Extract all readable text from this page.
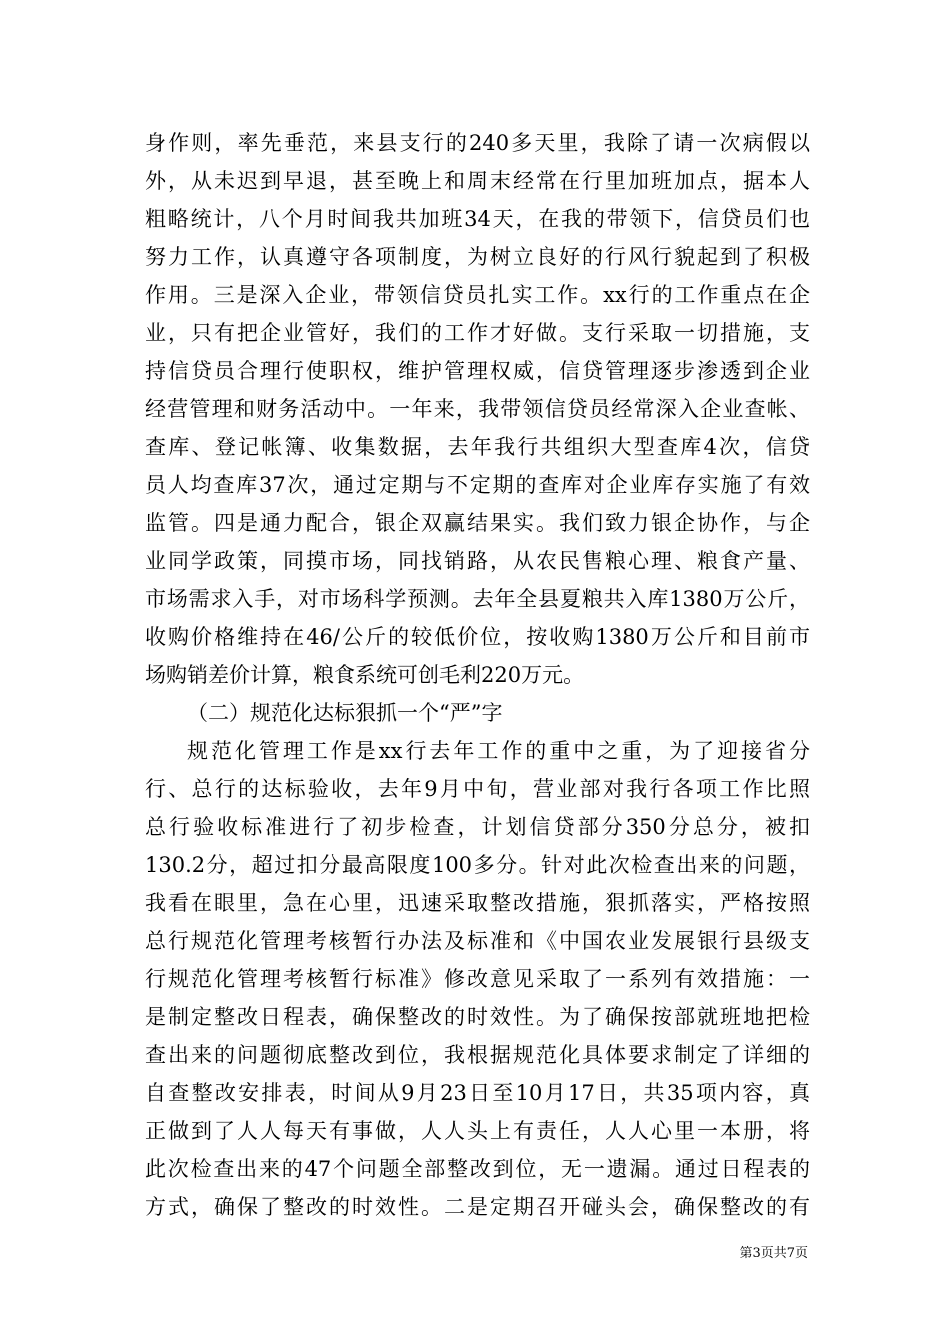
身作则，率先垂范，来县支行的240多天里，我除了请一次病假以
外，从未迟到早退，甚至晚上和周末经常在行里加班加点，据本人
粗略统计，八个月时间我共加班34天，在我的带领下，信贷员们也
努力工作，认真遵守各项制度，为树立良好的行风行貌起到了积极
作用。三是深入企业，带领信贷员扎实工作。xx行的工作重点在企
业，只有把企业管好，我们的工作才好做。支行采取一切措施，支
持信贷员合理行使职权，维护管理权威，信贷管理逐步渗透到企业
经营管理和财务活动中。一年来，我带领信贷员经常深入企业查帐、
查库、登记帐簿、收集数据，去年我行共组织大型查库4次，信贷
员人均查库37次，通过定期与不定期的查库对企业库存实施了有效
监管。四是通力配合，银企双赢结果实。我们致力银企协作，与企
业同学政策，同摸市场，同找销路，从农民售粮心理、粮食产量、
市场需求入手，对市场科学预测。去年全县夏粮共入库1380万公斤，
收购价格维持在46/公斤的较低价位，按收购1380万公斤和目前市
场购销差价计算，粮食系统可创毛利220万元。
（二）规范化达标狠抓一个“严”字
规范化管理工作是xx行去年工作的重中之重，为了迎接省分
行、总行的达标验收，去年9月中旬，营业部对我行各项工作比照
总行验收标准进行了初步检查，计划信贷部分350分总分，被扣
130.2分，超过扣分最高限度100多分。针对此次检查出来的问题，
我看在眼里，急在心里，迅速采取整改措施，狠抓落实，严格按照
总行规范化管理考核暂行办法及标准和《中国农业发展银行县级支
行规范化管理考核暂行标准》修改意见采取了一系列有效措施：一
是制定整改日程表，确保整改的时效性。为了确保按部就班地把检
查出来的问题彻底整改到位，我根据规范化具体要求制定了详细的
自查整改安排表，时间从9月23日至10月17日，共35项内容，真
正做到了人人每天有事做，人人头上有责任，人人心里一本册，将
此次检查出来的47个问题全部整改到位，无一遗漏。通过日程表的
方式，确保了整改的时效性。二是定期召开碰头会，确保整改的有
第3页共7页
